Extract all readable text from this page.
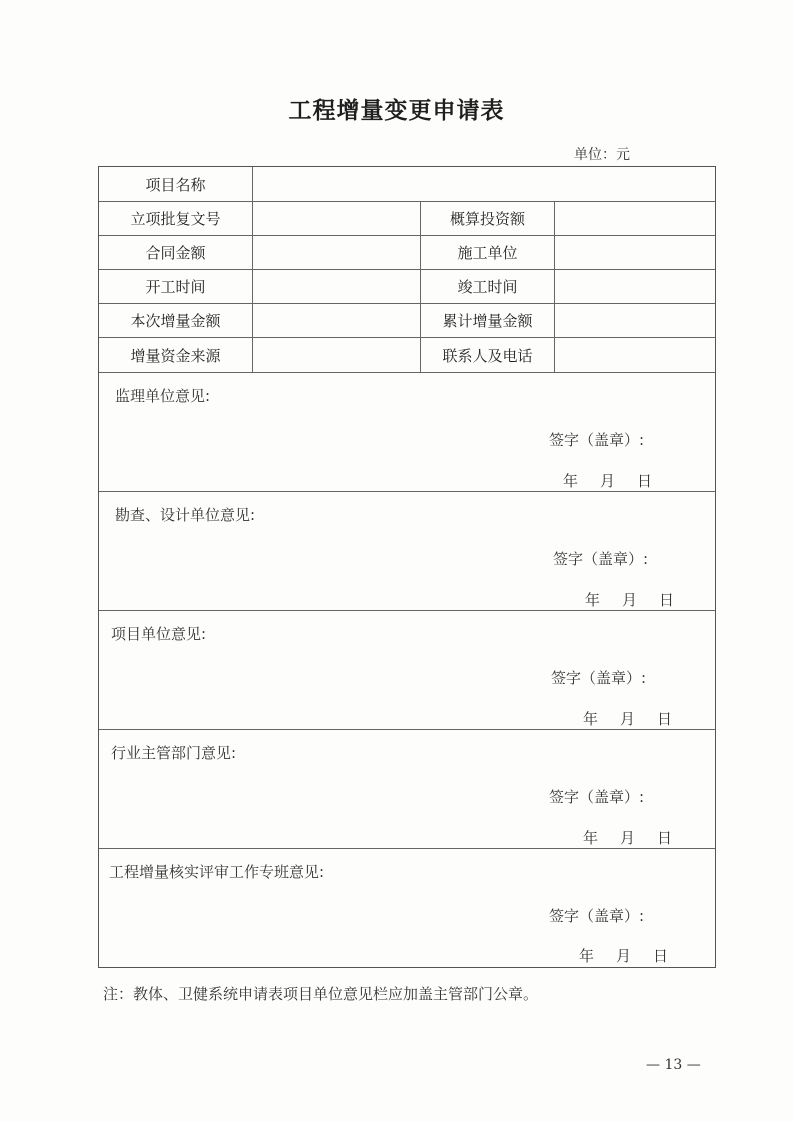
工程增量变更申请表
单位：元
项目名称
立项批复文号	概算投资额
合同金额	施工单位
开工时间	竣工时间
本次增量金额	累计增量金额
增量资金来源	联系人及电话
监理单位意见:
签字（盖章）:
年 月 日
勘查、设计单位意见:
签字（盖章）:
年 月 日
项目单位意见:
签字（盖章）:
年 月 日
行业主管部门意见:
签字（盖章）:
年 月 日
工程增量核实评审工作专班意见:
签字（盖章）:
年 月 日
注：教体、卫健系统申请表项目单位意见栏应加盖主管部门公章。
— 13 —
